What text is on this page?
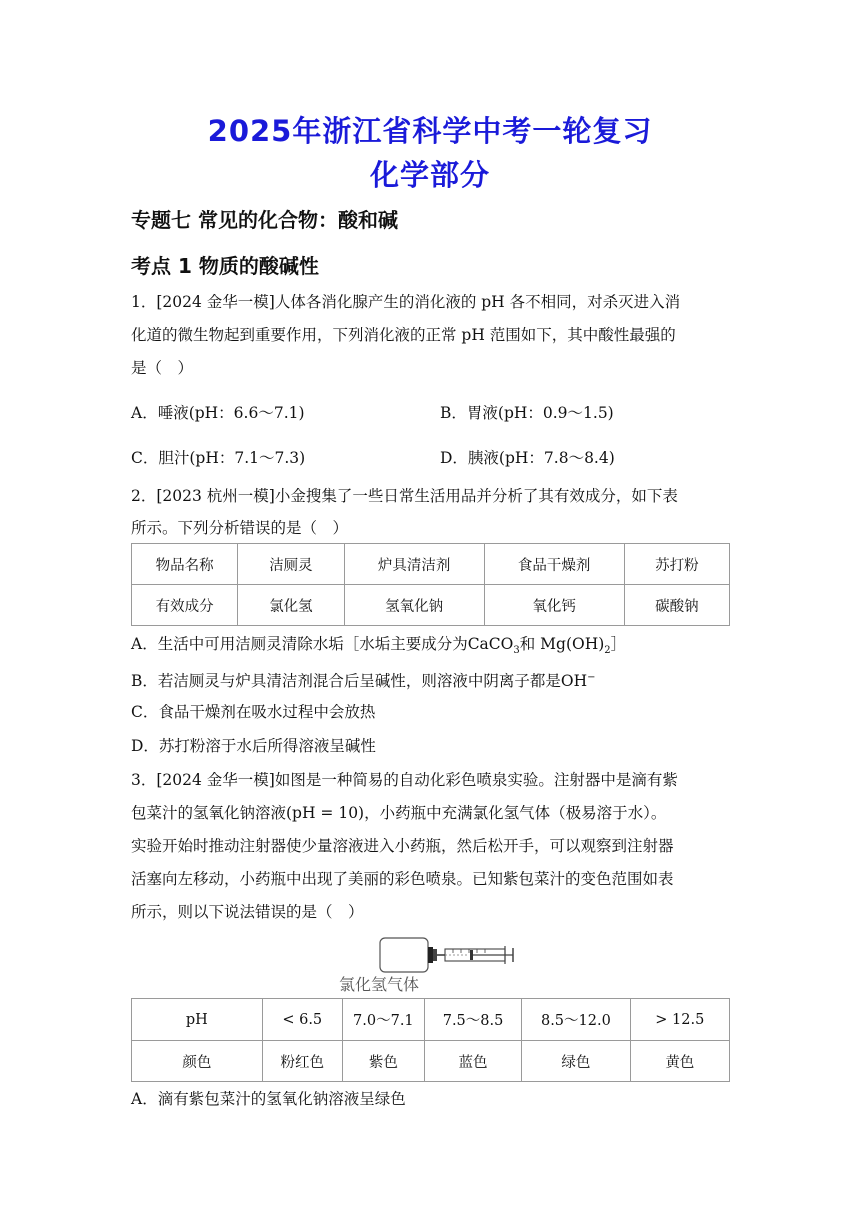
2025年浙江省科学中考一轮复习
化学部分
专题七 常见的化合物：酸和碱
考点 1 物质的酸碱性
1．[2024 金华一模]人体各消化腺产生的消化液的 pH 各不相同，对杀灭进入消
化道的微生物起到重要作用，下列消化液的正常 pH 范围如下，其中酸性最强的
是（　）
A．唾液(pH：6.6～7.1)	B．胃液(pH：0.9～1.5)
C．胆汁(pH：7.1～7.3)	D．胰液(pH：7.8～8.4)
2．[2023 杭州一模]小金搜集了一些日常生活用品并分析了其有效成分，如下表
所示。下列分析错误的是（　）
物品名称	洁厕灵	炉具清洁剂	食品干燥剂	苏打粉
有效成分	氯化氢	氢氧化钠	氧化钙	碳酸钠
A．生活中可用洁厕灵清除水垢［水垢主要成分为CaCO$_3$和 $Mg(OH)_2]$
B．若洁厕灵与炉具清洁剂混合后呈碱性，则溶液中阴离子都是OH−
C．食品干燥剂在吸水过程中会放热
D．苏打粉溶于水后所得溶液呈碱性
3．[2024 金华一模]如图是一种简易的自动化彩色喷泉实验。注射器中是滴有紫
包菜汁的氢氧化钠溶液(pH = 10)，小药瓶中充满氯化氢气体（极易溶于水）。
实验开始时推动注射器使少量溶液进入小药瓶，然后松开手，可以观察到注射器
活塞向左移动，小药瓶中出现了美丽的彩色喷泉。已知紫包菜汁的变色范围如表
所示，则以下说法错误的是（　）
氯化氢气体
pH	< 6.5	7.0～7.1	7.5～8.5	8.5～12.0	> 12.5
颜色	粉红色	紫色	蓝色	绿色	黄色
A．滴有紫包菜汁的氢氧化钠溶液呈绿色
